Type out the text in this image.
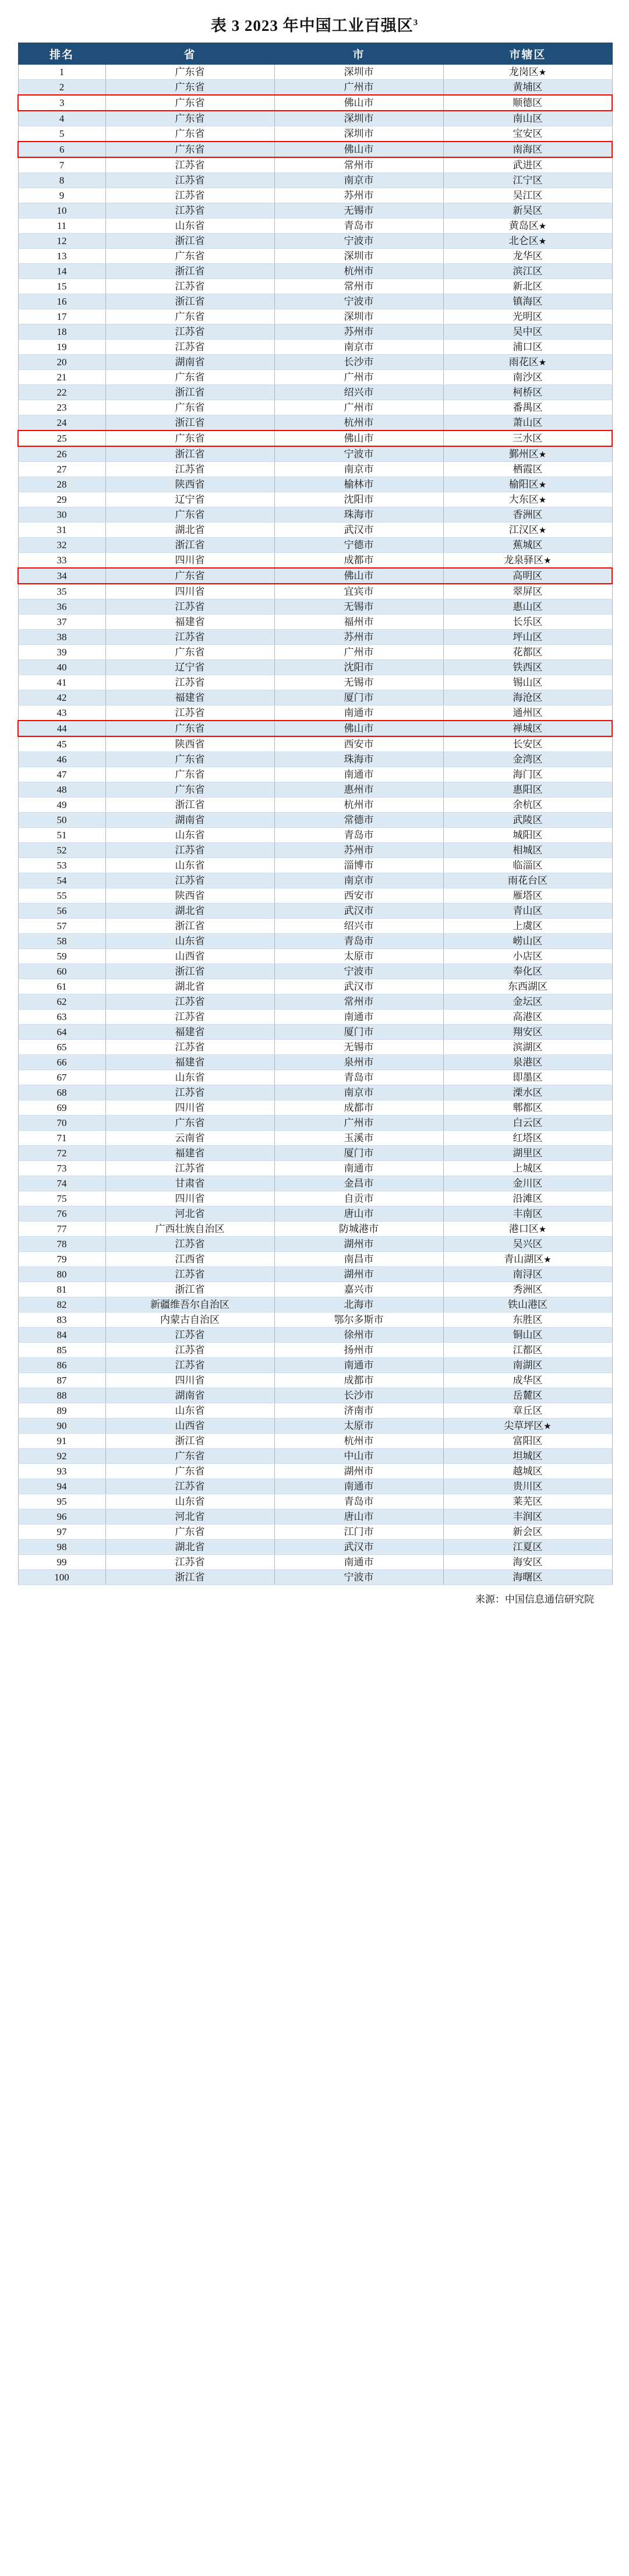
表 3 2023 年中国工业百强区$^3$
排名	省	市	市辖区
1	广东省	深圳市	龙岗区★
2	广东省	广州市	黄埔区
3	广东省	佛山市	顺德区
4	广东省	深圳市	南山区
5	广东省	深圳市	宝安区
6	广东省	佛山市	南海区
7	江苏省	常州市	武进区
8	江苏省	南京市	江宁区
9	江苏省	苏州市	吴江区
10	江苏省	无锡市	新吴区
11	山东省	青岛市	黄岛区★
12	浙江省	宁波市	北仑区★
13	广东省	深圳市	龙华区
14	浙江省	杭州市	滨江区
15	江苏省	常州市	新北区
16	浙江省	宁波市	镇海区
17	广东省	深圳市	光明区
18	江苏省	苏州市	吴中区
19	江苏省	南京市	浦口区
20	湖南省	长沙市	雨花区★
21	广东省	广州市	南沙区
22	浙江省	绍兴市	柯桥区
23	广东省	广州市	番禺区
24	浙江省	杭州市	萧山区
25	广东省	佛山市	三水区
26	浙江省	宁波市	鄞州区★
27	江苏省	南京市	栖霞区
28	陕西省	榆林市	榆阳区★
29	辽宁省	沈阳市	大东区★
30	广东省	珠海市	香洲区
31	湖北省	武汉市	江汉区★
32	浙江省	宁德市	蕉城区
33	四川省	成都市	龙泉驿区★
34	广东省	佛山市	高明区
35	四川省	宜宾市	翠屏区
36	江苏省	无锡市	惠山区
37	福建省	福州市	长乐区
38	江苏省	苏州市	坪山区
39	广东省	广州市	花都区
40	辽宁省	沈阳市	铁西区
41	江苏省	无锡市	锡山区
42	福建省	厦门市	海沧区
43	江苏省	南通市	通州区
44	广东省	佛山市	禅城区
45	陕西省	西安市	长安区
46	广东省	珠海市	金湾区
47	广东省	南通市	海门区
48	广东省	惠州市	惠阳区
49	浙江省	杭州市	余杭区
50	湖南省	常德市	武陵区
51	山东省	青岛市	城阳区
52	江苏省	苏州市	相城区
53	山东省	淄博市	临淄区
54	江苏省	南京市	雨花台区
55	陕西省	西安市	雁塔区
56	湖北省	武汉市	青山区
57	浙江省	绍兴市	上虞区
58	山东省	青岛市	崂山区
59	山西省	太原市	小店区
60	浙江省	宁波市	奉化区
61	湖北省	武汉市	东西湖区
62	江苏省	常州市	金坛区
63	江苏省	南通市	高港区
64	福建省	厦门市	翔安区
65	江苏省	无锡市	滨湖区
66	福建省	泉州市	泉港区
67	山东省	青岛市	即墨区
68	江苏省	南京市	溧水区
69	四川省	成都市	郫都区
70	广东省	广州市	白云区
71	云南省	玉溪市	红塔区
72	福建省	厦门市	湖里区
73	江苏省	南通市	上城区
74	甘肃省	金昌市	金川区
75	四川省	自贡市	沿滩区
76	河北省	唐山市	丰南区
77	广西壮族自治区	防城港市	港口区★
78	江苏省	湖州市	吴兴区
79	江西省	南昌市	青山湖区★
80	江苏省	湖州市	南浔区
81	浙江省	嘉兴市	秀洲区
82	新疆维吾尔自治区	北海市	铁山港区
83	内蒙古自治区	鄂尔多斯市	东胜区
84	江苏省	徐州市	铜山区
85	江苏省	扬州市	江都区
86	江苏省	南通市	南湖区
87	四川省	成都市	成华区
88	湖南省	长沙市	岳麓区
89	山东省	济南市	章丘区
90	山西省	太原市	尖草坪区★
91	浙江省	杭州市	富阳区
92	广东省	中山市	坦城区
93	广东省	湖州市	越城区
94	江苏省	南通市	贵川区
95	山东省	青岛市	莱芜区
96	河北省	唐山市	丰润区
97	广东省	江门市	新会区
98	湖北省	武汉市	江夏区
99	江苏省	南通市	海安区
100	浙江省	宁波市	海曙区
来源：中国信息通信研究院
